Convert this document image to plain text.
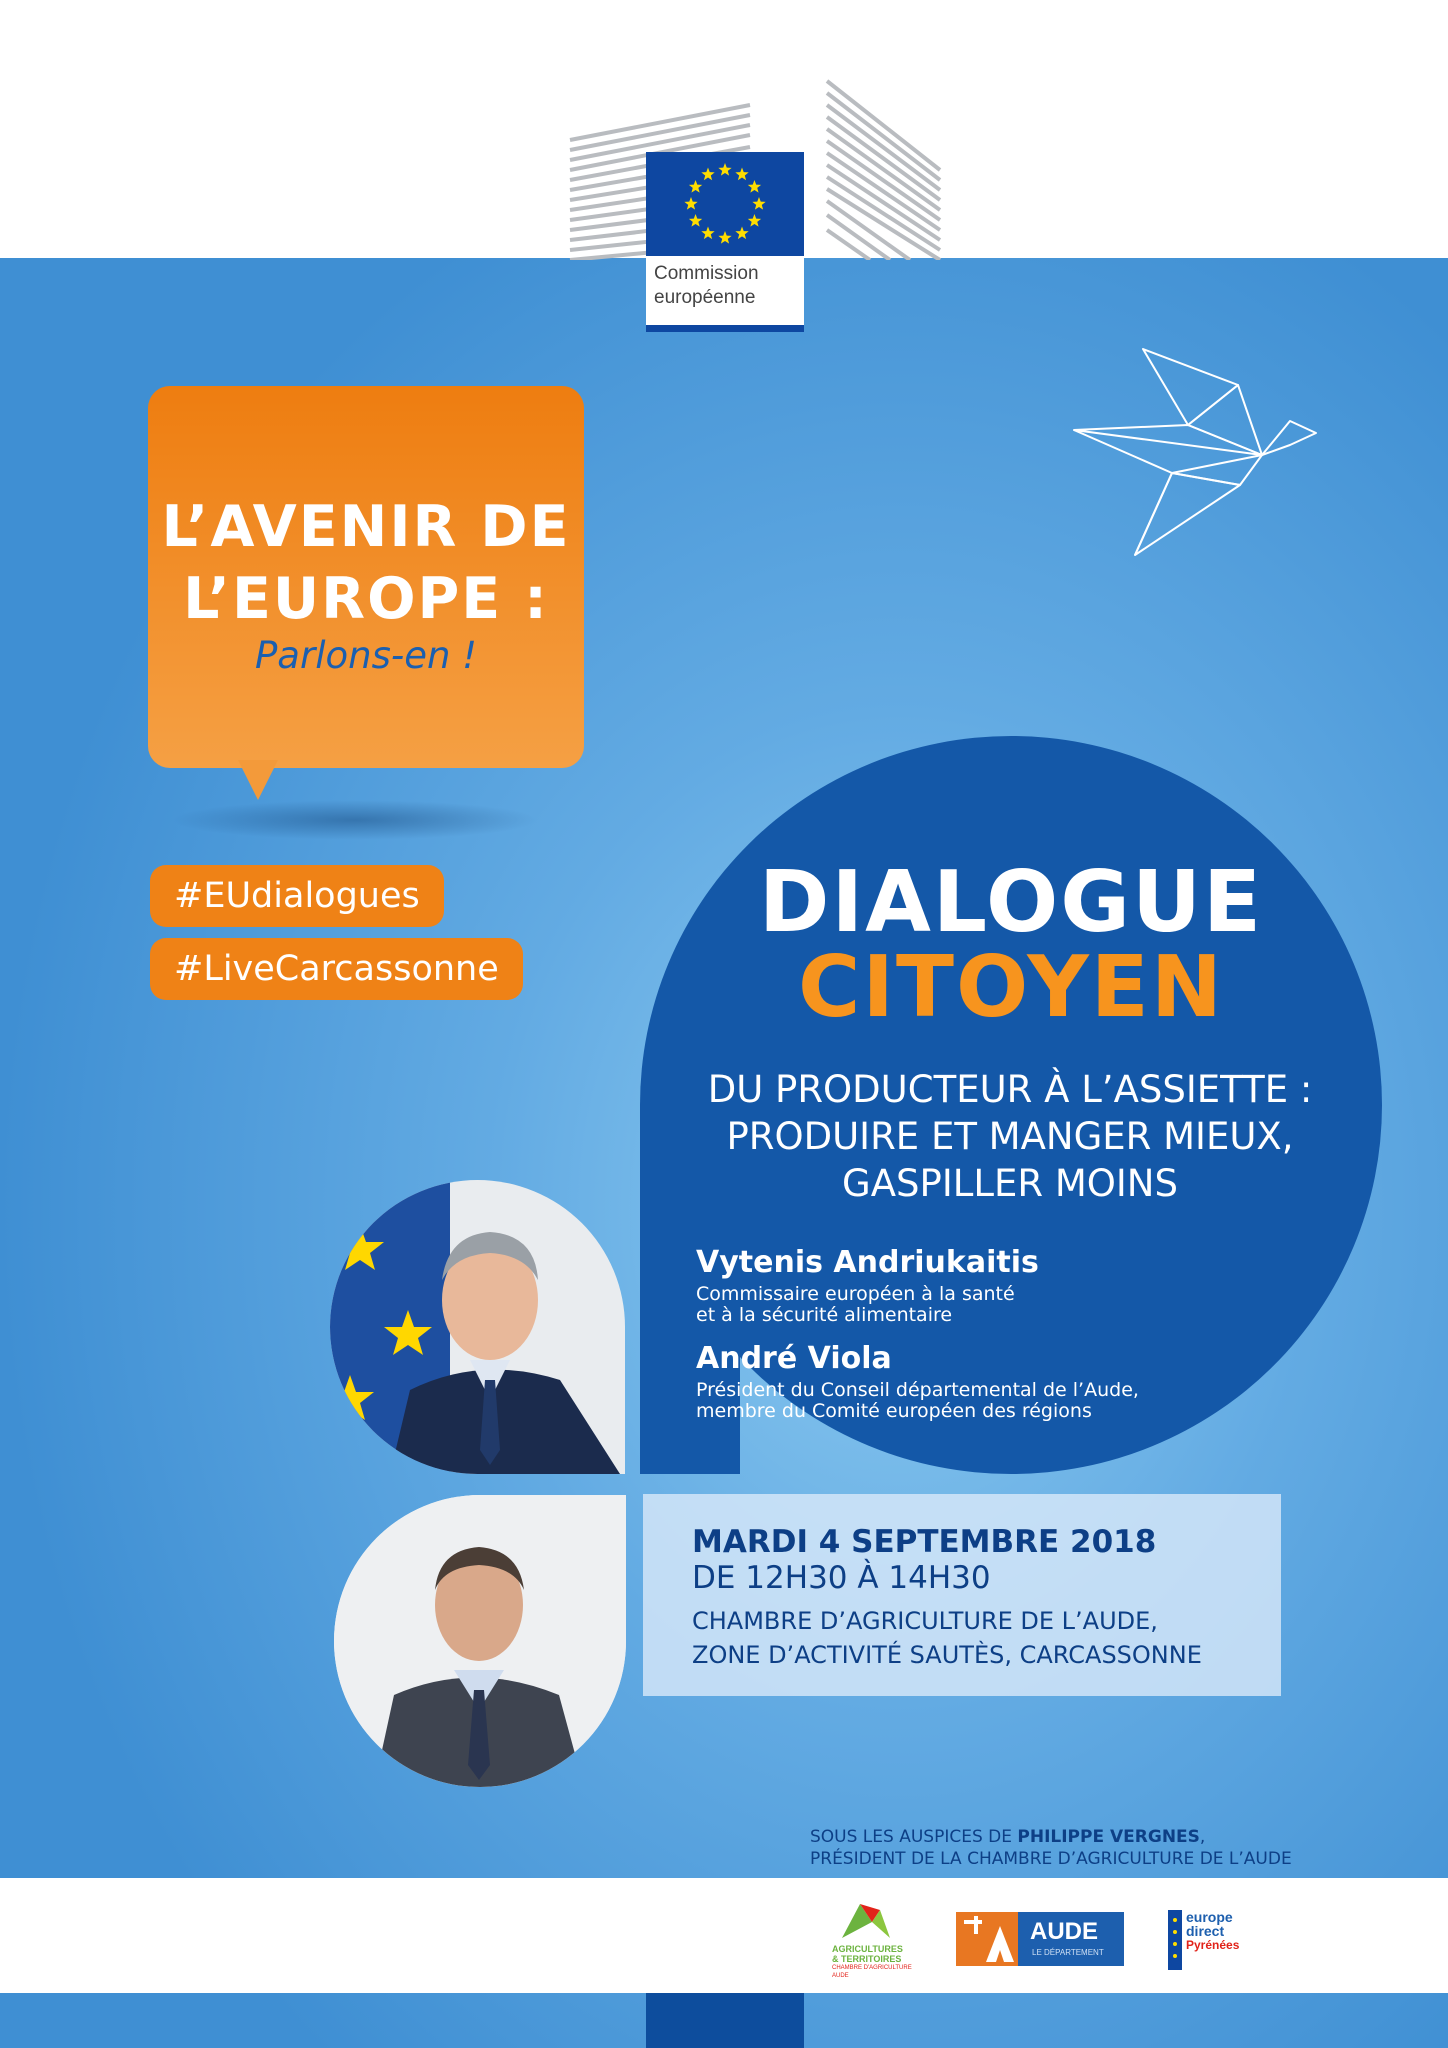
Commission
européenne
L’AVENIR DE
L’EUROPE :
Parlons-en !
#EUdialogues
#LiveCarcassonne
DIALOGUE
CITOYEN
DU PRODUCTEUR À L’ASSIETTE :
PRODUIRE ET MANGER MIEUX,
GASPILLER MOINS
Vytenis Andriukaitis
Commissaire européen à la santé
et à la sécurité alimentaire
André Viola
Président du Conseil départemental de l’Aude,
membre du Comité européen des régions
MARDI 4 SEPTEMBRE 2018
DE 12H30 À 14H30
CHAMBRE D’AGRICULTURE DE L’AUDE,
ZONE D’ACTIVITÉ SAUTÈS, CARCASSONNE
SOUS LES AUSPICES DE PHILIPPE VERGNES,
PRÉSIDENT DE LA CHAMBRE D’AGRICULTURE DE L’AUDE
AGRICULTURES
& TERRITOIRES
CHAMBRE D'AGRICULTURE
AUDE
AUDE
LE DÉPARTEMENT
europe
direct
Pyrénées
